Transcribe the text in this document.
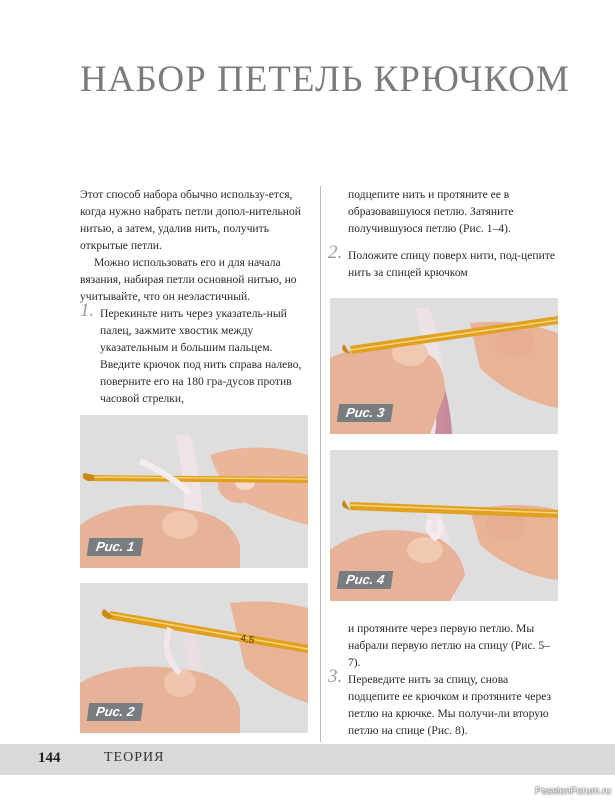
НАБОР ПЕТЕЛЬ КРЮЧКОМ

Этот способ набора обычно использу-ется, когда нужно набрать петли допол-нительной нитью, а затем, удалив нить, получить открытые петли.

Можно использовать его и для начала вязания, набирая петли основной нитью, но учитывайте, что он неэластичный.

1. Перекиньте нить через указатель-ный палец, зажмите хвостик между указательным и большим пальцем. Введите крючок под нить справа налево, поверните его на 180 гра-дусов против часовой стрелки,

подцепите нить и протяните ее в образовавшуюся петлю. Затяните получившуюся петлю (Рис. 1–4).

2. Положите спицу поверх нити, под-цепите нить за спицей крючком

и протяните через первую петлю. Мы набрали первую петлю на спицу (Рис. 5–7).

3. Переведите нить за спицу, снова подцепите ее крючком и протяните через петлю на крючке. Мы получи-ли вторую петлю на спице (Рис. 8).

Рис. 1
4,5
Рис. 2
Рис. 3
Рис. 4
144	ТЕОРИЯ
PassionForum.ru
